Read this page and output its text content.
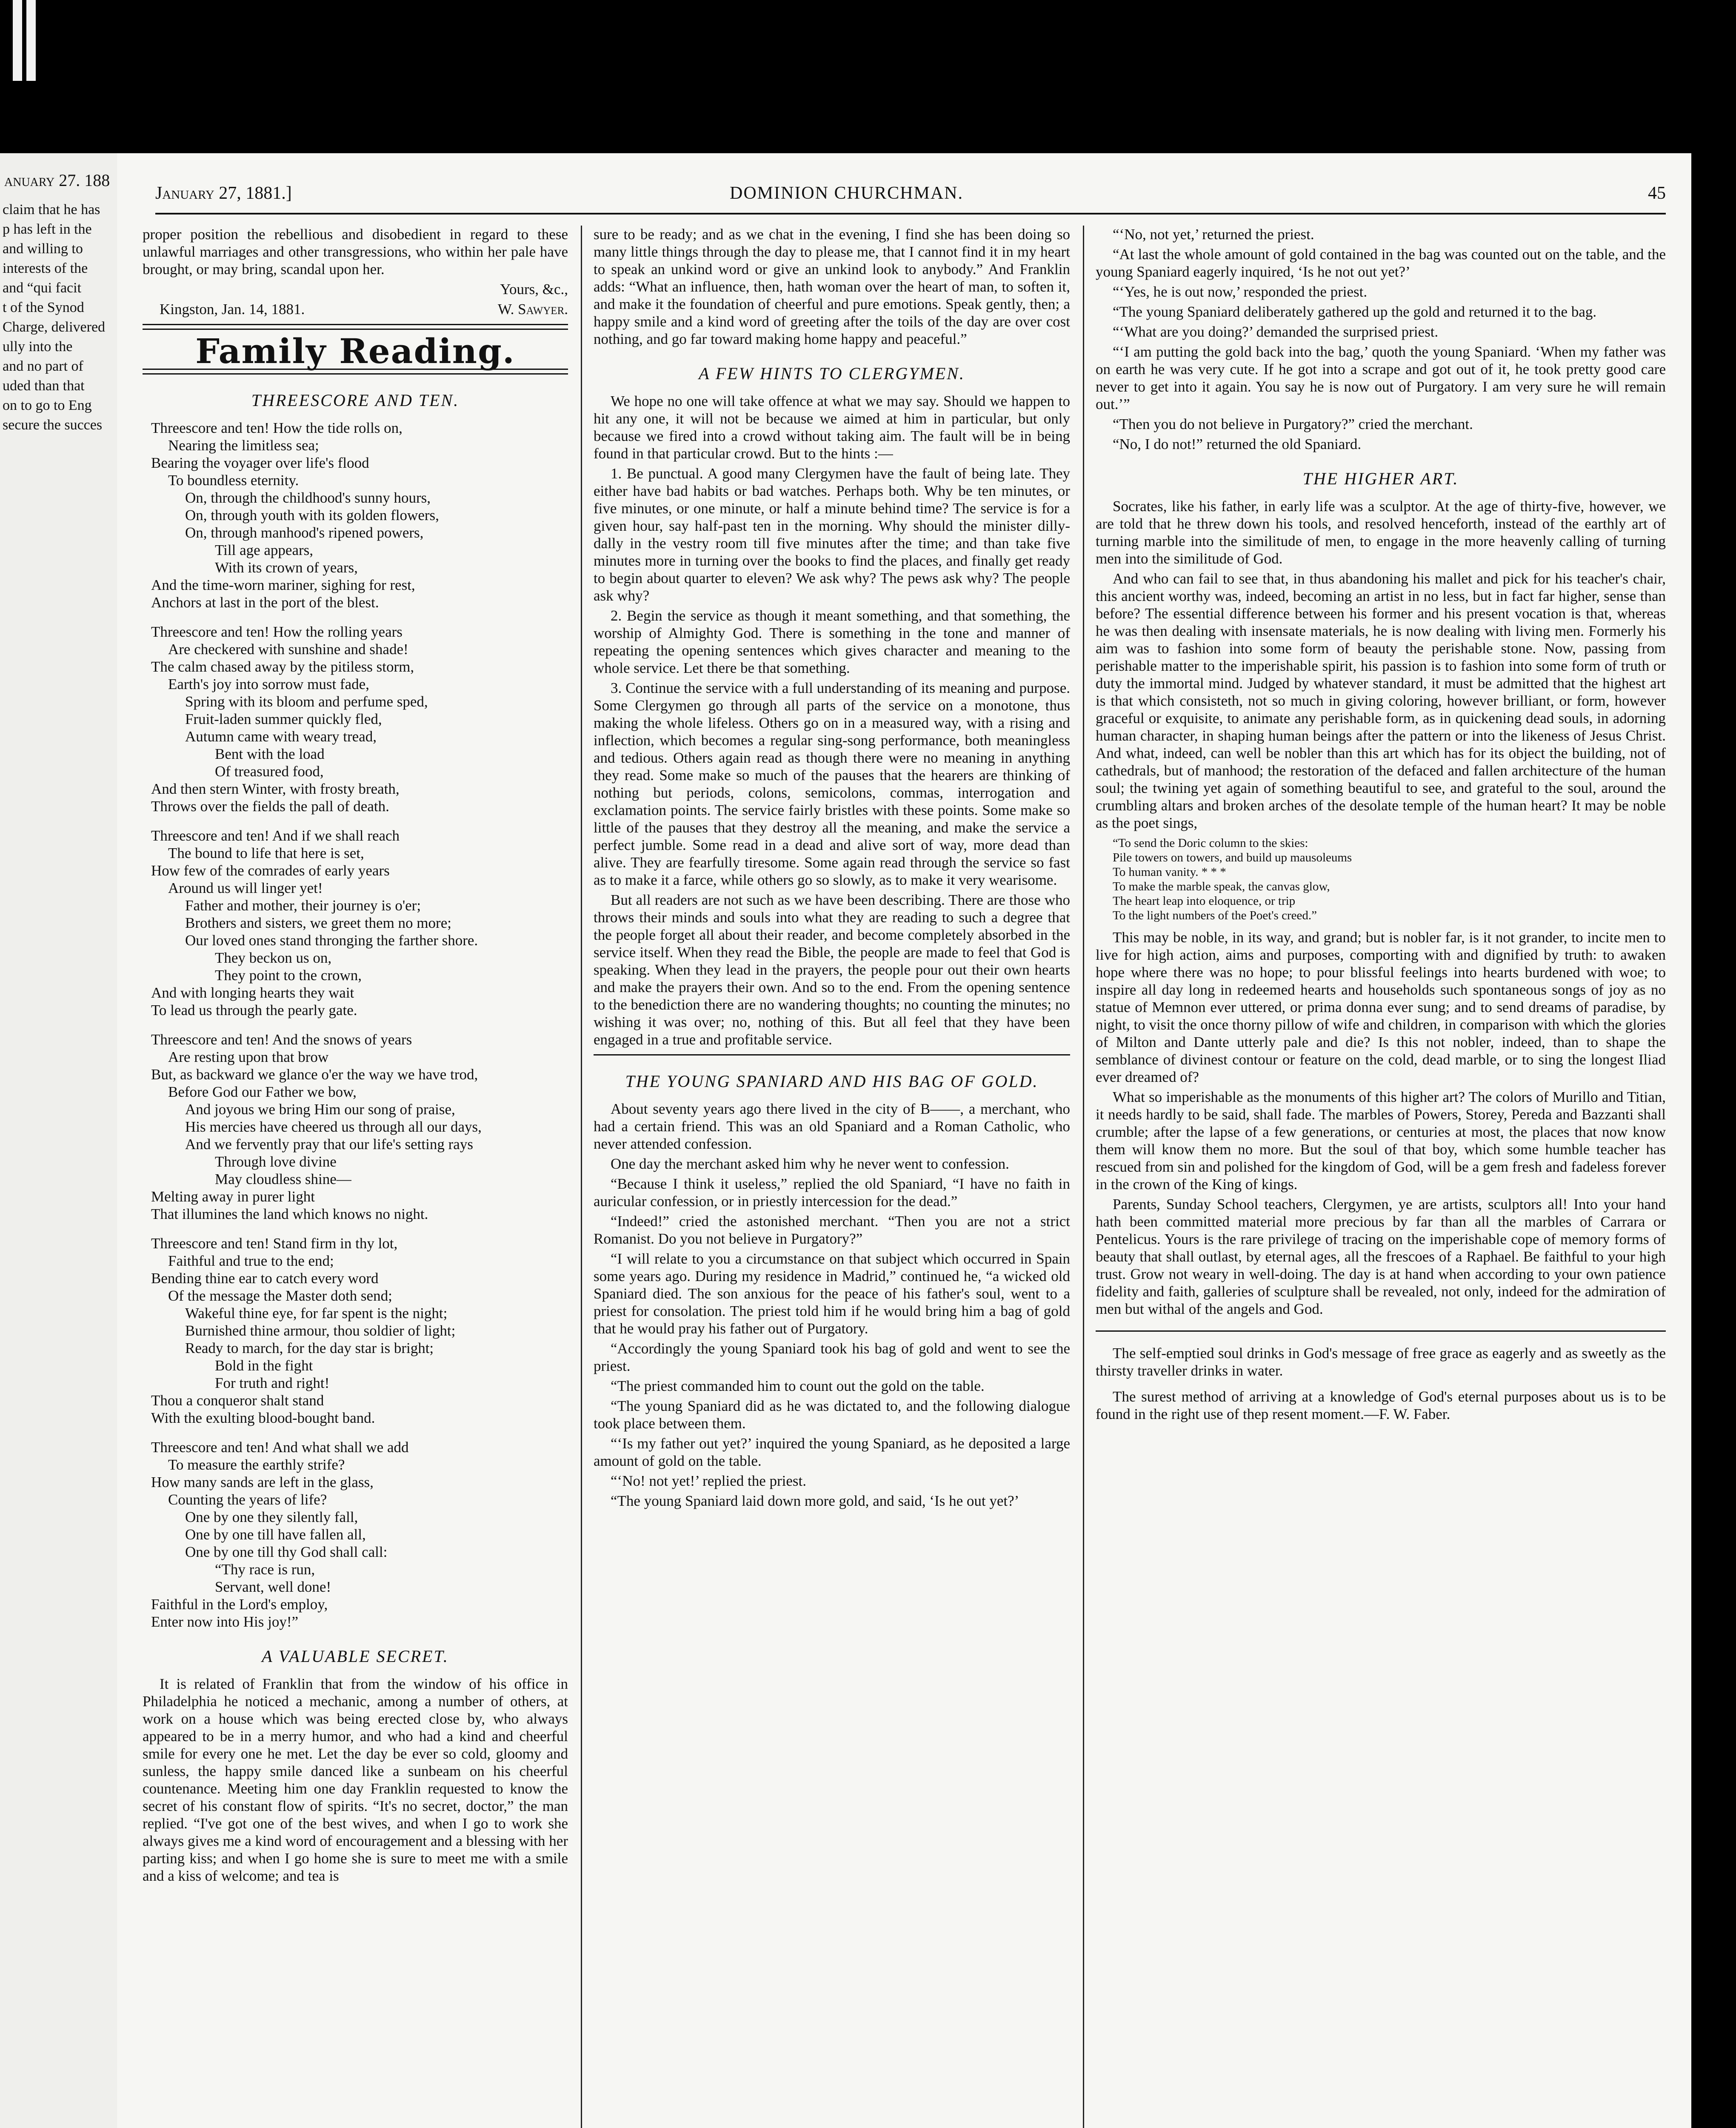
anuary 27. 188
claim that he has
p has left in the
and willing to
interests of the
and “qui facit
t of the Synod
Charge, delivered
ully into the
and no part of
uded than that
on to go to Eng
secure the succes
January 27, 1881.]	DOMINION CHURCHMAN.	45

proper position the rebellious and disobedient in regard to these unlawful marriages and other transgressions, who within her pale have brought, or may bring, scandal upon her.

Yours, &c.,

Kingston, Jan. 14, 1881.	W. Sawyer.

Family Reading.
THREESCORE AND TEN.
Threescore and ten! How the tide rolls on,
Nearing the limitless sea;
Bearing the voyager over life's flood
To boundless eternity.
On, through the childhood's sunny hours,
On, through youth with its golden flowers,
On, through manhood's ripened powers,
Till age appears,
With its crown of years,
And the time-worn mariner, sighing for rest,
Anchors at last in the port of the blest.
Threescore and ten! How the rolling years
Are checkered with sunshine and shade!
The calm chased away by the pitiless storm,
Earth's joy into sorrow must fade,
Spring with its bloom and perfume sped,
Fruit-laden summer quickly fled,
Autumn came with weary tread,
Bent with the load
Of treasured food,
And then stern Winter, with frosty breath,
Throws over the fields the pall of death.
Threescore and ten! And if we shall reach
The bound to life that here is set,
How few of the comrades of early years
Around us will linger yet!
Father and mother, their journey is o'er;
Brothers and sisters, we greet them no more;
Our loved ones stand thronging the farther shore.
They beckon us on,
They point to the crown,
And with longing hearts they wait
To lead us through the pearly gate.
Threescore and ten! And the snows of years
Are resting upon that brow
But, as backward we glance o'er the way we have trod,
Before God our Father we bow,
And joyous we bring Him our song of praise,
His mercies have cheered us through all our days,
And we fervently pray that our life's setting rays
Through love divine
May cloudless shine—
Melting away in purer light
That illumines the land which knows no night.
Threescore and ten! Stand firm in thy lot,
Faithful and true to the end;
Bending thine ear to catch every word
Of the message the Master doth send;
Wakeful thine eye, for far spent is the night;
Burnished thine armour, thou soldier of light;
Ready to march, for the day star is bright;
Bold in the fight
For truth and right!
Thou a conqueror shalt stand
With the exulting blood-bought band.
Threescore and ten! And what shall we add
To measure the earthly strife?
How many sands are left in the glass,
Counting the years of life?
One by one they silently fall,
One by one till have fallen all,
One by one till thy God shall call:
“Thy race is run,
Servant, well done!
Faithful in the Lord's employ,
Enter now into His joy!”
A VALUABLE SECRET.

It is related of Franklin that from the window of his office in Philadelphia he noticed a mechanic, among a number of others, at work on a house which was being erected close by, who always appeared to be in a merry humor, and who had a kind and cheerful smile for every one he met. Let the day be ever so cold, gloomy and sunless, the happy smile danced like a sunbeam on his cheerful countenance. Meeting him one day Franklin requested to know the secret of his constant flow of spirits. “It's no secret, doctor,” the man replied. “I've got one of the best wives, and when I go to work she always gives me a kind word of encouragement and a blessing with her parting kiss; and when I go home she is sure to meet me with a smile and a kiss of welcome; and tea is

sure to be ready; and as we chat in the evening, I find she has been doing so many little things through the day to please me, that I cannot find it in my heart to speak an unkind word or give an unkind look to anybody.” And Franklin adds: “What an influence, then, hath woman over the heart of man, to soften it, and make it the foundation of cheerful and pure emotions. Speak gently, then; a happy smile and a kind word of greeting after the toils of the day are over cost nothing, and go far toward making home happy and peaceful.”

A FEW HINTS TO CLERGYMEN.

We hope no one will take offence at what we may say. Should we happen to hit any one, it will not be because we aimed at him in particular, but only because we fired into a crowd without taking aim. The fault will be in being found in that particular crowd. But to the hints :—

1. Be punctual. A good many Clergymen have the fault of being late. They either have bad habits or bad watches. Perhaps both. Why be ten minutes, or five minutes, or one minute, or half a minute behind time? The service is for a given hour, say half-past ten in the morning. Why should the minister dilly-dally in the vestry room till five minutes after the time; and than take five minutes more in turning over the books to find the places, and finally get ready to begin about quarter to eleven? We ask why? The pews ask why? The people ask why?

2. Begin the service as though it meant something, and that something, the worship of Almighty God. There is something in the tone and manner of repeating the opening sentences which gives character and meaning to the whole service. Let there be that something.

3. Continue the service with a full understanding of its meaning and purpose. Some Clergymen go through all parts of the service on a monotone, thus making the whole lifeless. Others go on in a measured way, with a rising and inflection, which becomes a regular sing-song performance, both meaningless and tedious. Others again read as though there were no meaning in anything they read. Some make so much of the pauses that the hearers are thinking of nothing but periods, colons, semicolons, commas, interrogation and exclamation points. The service fairly bristles with these points. Some make so little of the pauses that they destroy all the meaning, and make the service a perfect jumble. Some read in a dead and alive sort of way, more dead than alive. They are fearfully tiresome. Some again read through the service so fast as to make it a farce, while others go so slowly, as to make it very wearisome.

But all readers are not such as we have been describing. There are those who throws their minds and souls into what they are reading to such a degree that the people forget all about their reader, and become completely absorbed in the service itself. When they read the Bible, the people are made to feel that God is speaking. When they lead in the prayers, the people pour out their own hearts and make the prayers their own. And so to the end. From the opening sentence to the benediction there are no wandering thoughts; no counting the minutes; no wishing it was over; no, nothing of this. But all feel that they have been engaged in a true and profitable service.

THE YOUNG SPANIARD AND HIS BAG OF GOLD.

About seventy years ago there lived in the city of B——, a merchant, who had a certain friend. This was an old Spaniard and a Roman Catholic, who never attended confession.

One day the merchant asked him why he never went to confession.

“Because I think it useless,” replied the old Spaniard, “I have no faith in auricular confession, or in priestly intercession for the dead.”

“Indeed!” cried the astonished merchant. “Then you are not a strict Romanist. Do you not believe in Purgatory?”

“I will relate to you a circumstance on that subject which occurred in Spain some years ago. During my residence in Madrid,” continued he, “a wicked old Spaniard died. The son anxious for the peace of his father's soul, went to a priest for consolation. The priest told him if he would bring him a bag of gold that he would pray his father out of Purgatory.

“Accordingly the young Spaniard took his bag of gold and went to see the priest.

“The priest commanded him to count out the gold on the table.

“The young Spaniard did as he was dictated to, and the following dialogue took place between them.

“‘Is my father out yet?’ inquired the young Spaniard, as he deposited a large amount of gold on the table.

“‘No! not yet!’ replied the priest.

“The young Spaniard laid down more gold, and said, ‘Is he out yet?’

“‘No, not yet,’ returned the priest.

“At last the whole amount of gold contained in the bag was counted out on the table, and the young Spaniard eagerly inquired, ‘Is he not out yet?’

“‘Yes, he is out now,’ responded the priest.

“The young Spaniard deliberately gathered up the gold and returned it to the bag.

“‘What are you doing?’ demanded the surprised priest.

“‘I am putting the gold back into the bag,’ quoth the young Spaniard. ‘When my father was on earth he was very cute. If he got into a scrape and got out of it, he took pretty good care never to get into it again. You say he is now out of Purgatory. I am very sure he will remain out.’”

“Then you do not believe in Purgatory?” cried the merchant.

“No, I do not!” returned the old Spaniard.

THE HIGHER ART.

Socrates, like his father, in early life was a sculptor. At the age of thirty-five, however, we are told that he threw down his tools, and resolved henceforth, instead of the earthly art of turning marble into the similitude of men, to engage in the more heavenly calling of turning men into the similitude of God.

And who can fail to see that, in thus abandoning his mallet and pick for his teacher's chair, this ancient worthy was, indeed, becoming an artist in no less, but in fact far higher, sense than before? The essential difference between his former and his present vocation is that, whereas he was then dealing with insensate materials, he is now dealing with living men. Formerly his aim was to fashion into some form of beauty the perishable stone. Now, passing from perishable matter to the imperishable spirit, his passion is to fashion into some form of truth or duty the immortal mind. Judged by whatever standard, it must be admitted that the highest art is that which consisteth, not so much in giving coloring, however brilliant, or form, however graceful or exquisite, to animate any perishable form, as in quickening dead souls, in adorning human character, in shaping human beings after the pattern or into the likeness of Jesus Christ. And what, indeed, can well be nobler than this art which has for its object the building, not of cathedrals, but of manhood; the restoration of the defaced and fallen architecture of the human soul; the twining yet again of something beautiful to see, and grateful to the soul, around the crumbling altars and broken arches of the desolate temple of the human heart? It may be noble as the poet sings,

“To send the Doric column to the skies:
Pile towers on towers, and build up mausoleums
To human vanity. * * *
To make the marble speak, the canvas glow,
The heart leap into eloquence, or trip
To the light numbers of the Poet's creed.”

This may be noble, in its way, and grand; but is nobler far, is it not grander, to incite men to live for high action, aims and purposes, comporting with and dignified by truth: to awaken hope where there was no hope; to pour blissful feelings into hearts burdened with woe; to inspire all day long in redeemed hearts and households such spontaneous songs of joy as no statue of Memnon ever uttered, or prima donna ever sung; and to send dreams of paradise, by night, to visit the once thorny pillow of wife and children, in comparison with which the glories of Milton and Dante utterly pale and die? Is this not nobler, indeed, than to shape the semblance of divinest contour or feature on the cold, dead marble, or to sing the longest Iliad ever dreamed of?

What so imperishable as the monuments of this higher art? The colors of Murillo and Titian, it needs hardly to be said, shall fade. The marbles of Powers, Storey, Pereda and Bazzanti shall crumble; after the lapse of a few generations, or centuries at most, the places that now know them will know them no more. But the soul of that boy, which some humble teacher has rescued from sin and polished for the kingdom of God, will be a gem fresh and fadeless forever in the crown of the King of kings.

Parents, Sunday School teachers, Clergymen, ye are artists, sculptors all! Into your hand hath been committed material more precious by far than all the marbles of Carrara or Pentelicus. Yours is the rare privilege of tracing on the imperishable cope of memory forms of beauty that shall outlast, by eternal ages, all the frescoes of a Raphael. Be faithful to your high trust. Grow not weary in well-doing. The day is at hand when according to your own patience fidelity and faith, galleries of sculpture shall be revealed, not only, indeed for the admiration of men but withal of the angels and God.

The self-emptied soul drinks in God's message of free grace as eagerly and as sweetly as the thirsty traveller drinks in water.

The surest method of arriving at a knowledge of God's eternal purposes about us is to be found in the right use of thep resent moment.—F. W. Faber.
